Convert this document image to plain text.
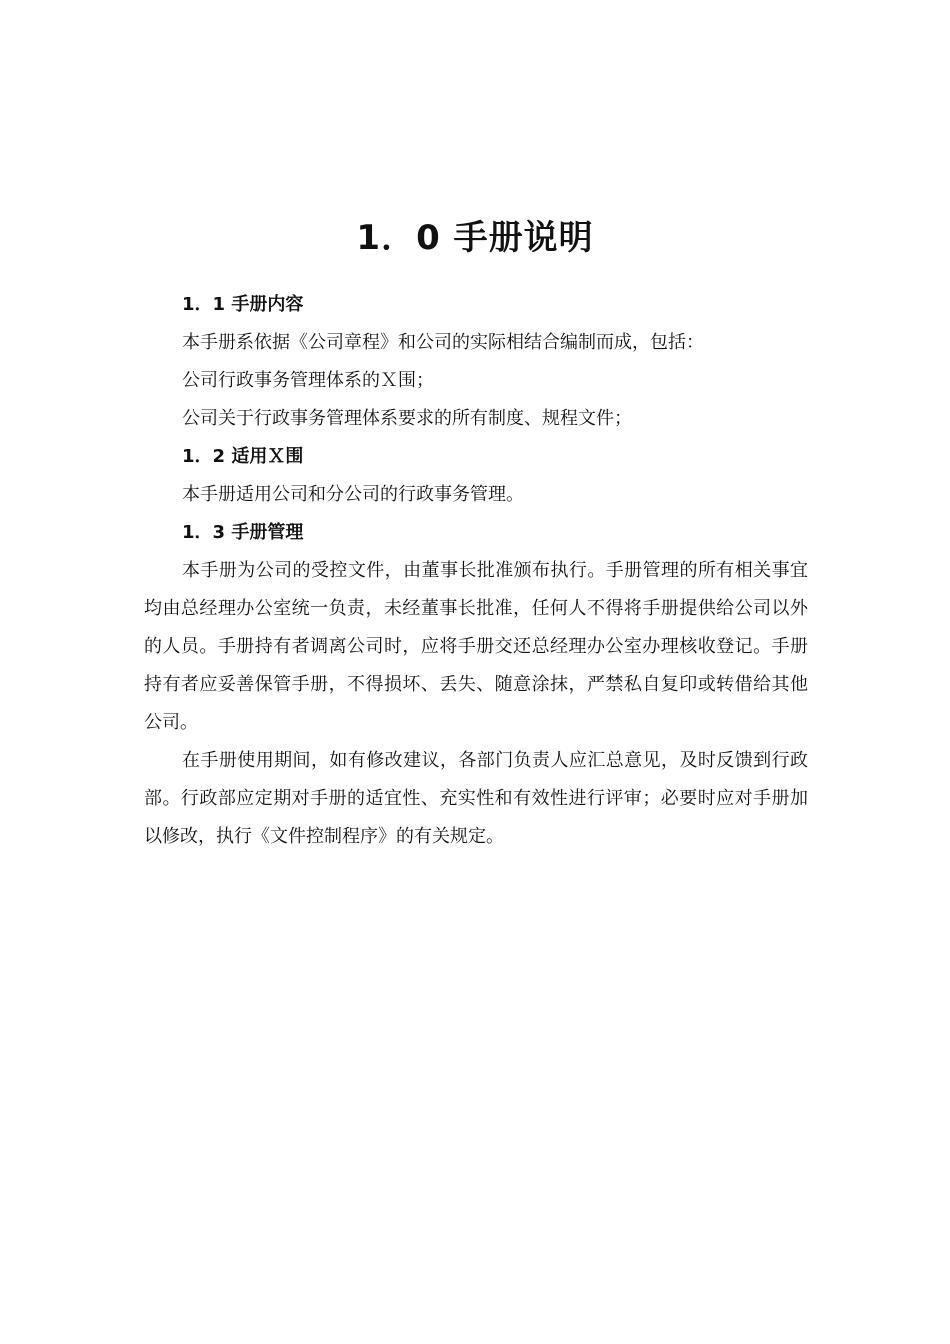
1．0 手册说明
1．1 手册内容

本手册系依据《公司章程》和公司的实际相结合编制而成，包括：

公司行政事务管理体系的Ｘ围；

公司关于行政事务管理体系要求的所有制度、规程文件；

1．2 适用Ｘ围

本手册适用公司和分公司的行政事务管理。

1．3 手册管理

本手册为公司的受控文件，由董事长批准颁布执行。手册管理的所有相关事宜均由总经理办公室统一负责，未经董事长批准，任何人不得将手册提供给公司以外的人员。手册持有者调离公司时，应将手册交还总经理办公室办理核收登记。手册持有者应妥善保管手册，不得损坏、丢失、随意涂抹，严禁私自复印或转借给其他公司。

在手册使用期间，如有修改建议，各部门负责人应汇总意见，及时反馈到行政部。行政部应定期对手册的适宜性、充实性和有效性进行评审；必要时应对手册加以修改，执行《文件控制程序》的有关规定。
